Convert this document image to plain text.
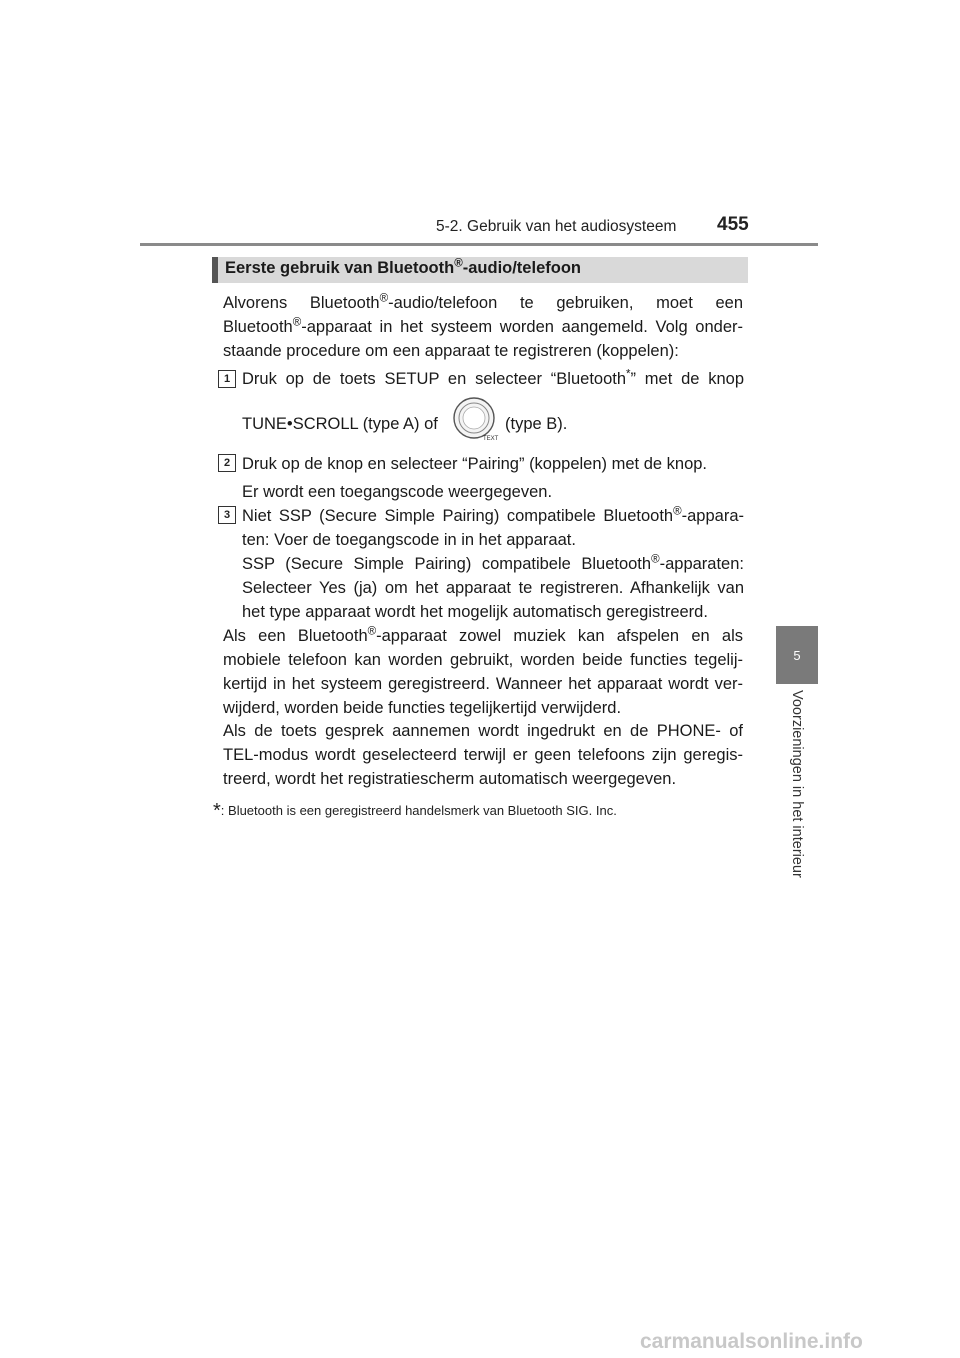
5-2. Gebruik van het audiosysteem 455
5
Voorzieningen in het interieur
Eerste gebruik van Bluetooth®-audio/telefoon
Alvorens Bluetooth®-audio/telefoon te gebruiken, moet een
Bluetooth®-apparaat in het systeem worden aangemeld. Volg onder-
staande procedure om een apparaat te registreren (koppelen):
1 Druk op de toets SETUP en selecteer “Bluetooth*” met de knop
TUNE•SCROLL (type A) of
TEXT
(type B).
2 Druk op de knop en selecteer “Pairing” (koppelen) met de knop.
Er wordt een toegangscode weergegeven.
3 Niet SSP (Secure Simple Pairing) compatibele Bluetooth®-appara-
ten: Voer de toegangscode in in het apparaat.
SSP (Secure Simple Pairing) compatibele Bluetooth®-apparaten:
Selecteer Yes (ja) om het apparaat te registreren. Afhankelijk van
het type apparaat wordt het mogelijk automatisch geregistreerd.
Als een Bluetooth®-apparaat zowel muziek kan afspelen en als
mobiele telefoon kan worden gebruikt, worden beide functies tegelij-
kertijd in het systeem geregistreerd. Wanneer het apparaat wordt ver-
wijderd, worden beide functies tegelijkertijd verwijderd.
Als de toets gesprek aannemen wordt ingedrukt en de PHONE- of
TEL-modus wordt geselecteerd terwijl er geen telefoons zijn geregis-
treerd, wordt het registratiescherm automatisch weergegeven.
*: Bluetooth is een geregistreerd handelsmerk van Bluetooth SIG. Inc.
carmanualsonline.info
